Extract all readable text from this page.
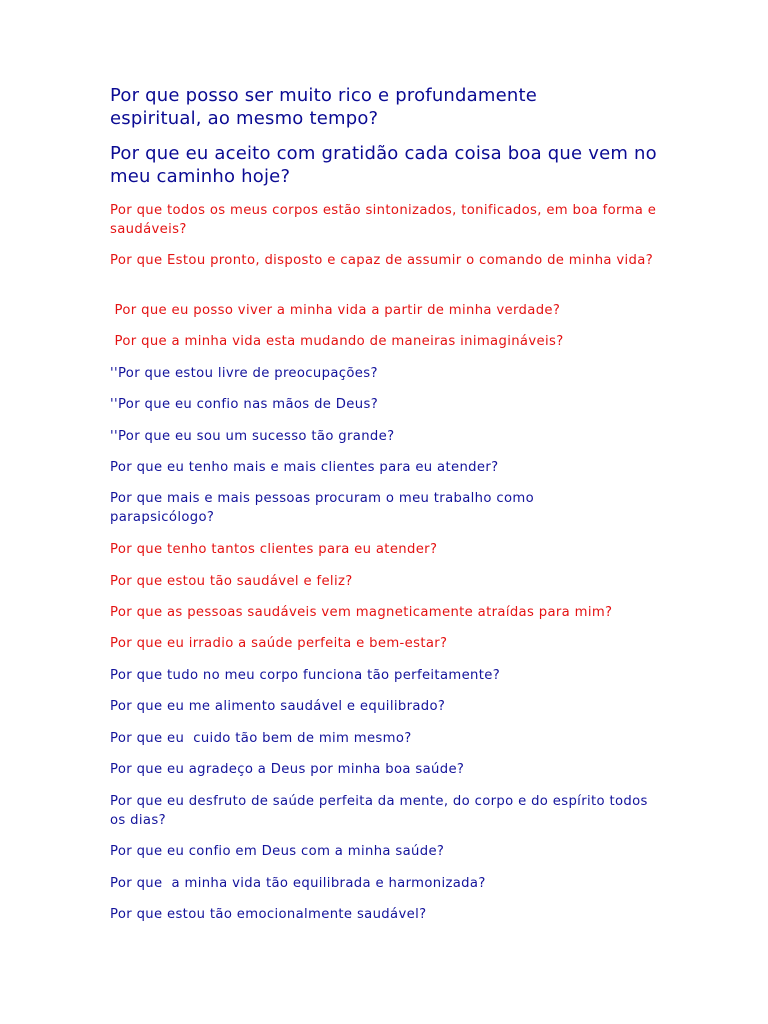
Por que posso ser muito rico e profundamente espiritual, ao mesmo tempo?

Por que eu aceito com gratidão cada coisa boa que vem no meu caminho hoje?

Por que todos os meus corpos estão sintonizados, tonificados, em boa forma e saudáveis?

Por que Estou pronto, disposto e capaz de assumir o comando de minha vida?

Por que eu posso viver a minha vida a partir de minha verdade?

Por que a minha vida esta mudando de maneiras inimagináveis?

''Por que estou livre de preocupações?

''Por que eu confio nas mãos de Deus?

''Por que eu sou um sucesso tão grande?

Por que eu tenho mais e mais clientes para eu atender?

Por que mais e mais pessoas procuram o meu trabalho como parapsicólogo?

Por que tenho tantos clientes para eu atender?

Por que estou tão saudável e feliz?

Por que as pessoas saudáveis vem magneticamente atraídas para mim?

Por que eu irradio a saúde perfeita e bem-estar?

Por que tudo no meu corpo funciona tão perfeitamente?

Por que eu me alimento saudável e equilibrado?

Por que eu  cuido tão bem de mim mesmo?

Por que eu agradeço a Deus por minha boa saúde?

Por que eu desfruto de saúde perfeita da mente, do corpo e do espírito todos os dias?

Por que eu confio em Deus com a minha saúde?

Por que  a minha vida tão equilibrada e harmonizada?

Por que estou tão emocionalmente saudável?
